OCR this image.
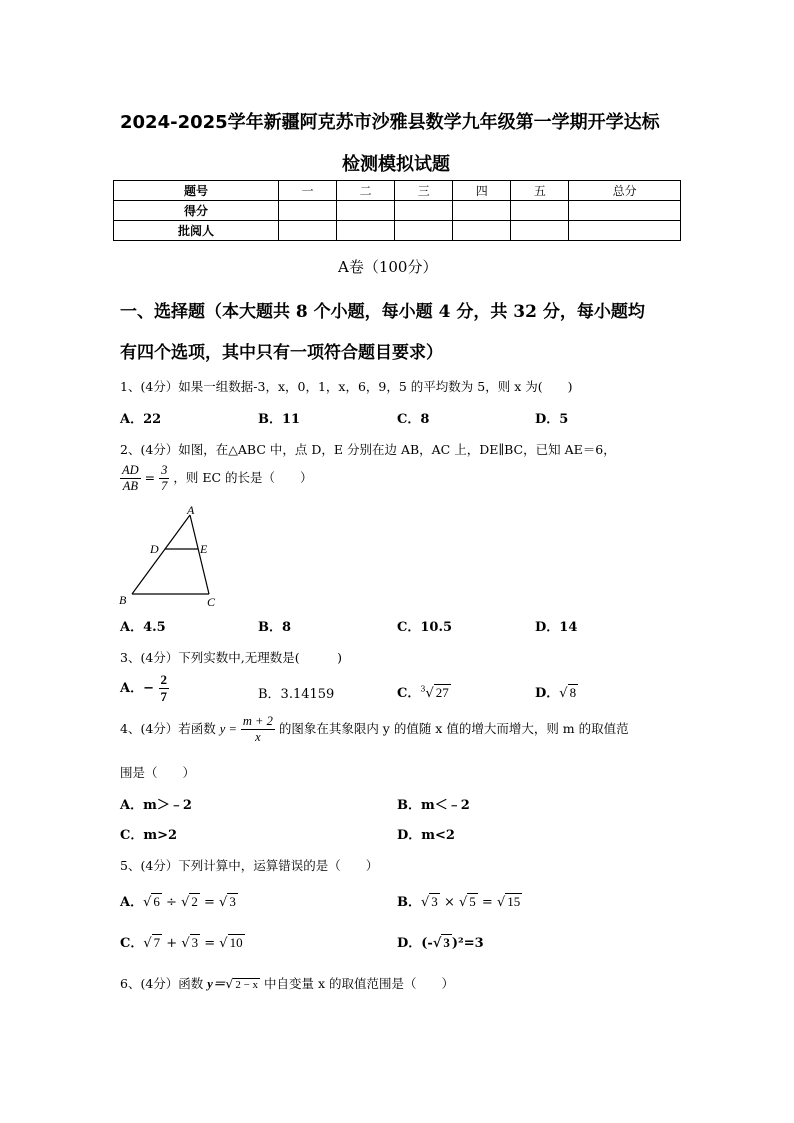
2024-2025学年新疆阿克苏市沙雅县数学九年级第一学期开学达标
检测模拟试题
题号	一	二	三	四	五	总分
得分						
批阅人						
A卷（100分）
一、选择题（本大题共 8 个小题，每小题 4 分，共 32 分，每小题均
有四个选项，其中只有一项符合题目要求）
1、(4分）如果一组数据-3，x，0，1，x，6，9，5 的平均数为 5，则 x 为(　　)
A．22	B．11	C．8	D．5
2、(4分）如图，在△ABC 中，点 D，E 分别在边 AB，AC 上，DE∥BC，已知 AE＝6，
$\frac{AD}{AB} = \frac{3}{7}$ ，则 EC 的长是（　　）
A
D	E
B	C
A．4.5	B．8	C．10.5	D．14
3、(4分）下列实数中,无理数是(　　　)
A．− $\frac{2}{7}$	B．3.14159	C．$^3$√ 27	D．√ 8
4、(4分）若函数 $y = \frac{m + 2}{x}$ 的图象在其象限内 y 的值随 x 值的增大而增大，则 m 的取值范
围是（　　）
A．m＞﹣2	B．m＜﹣2
C．m>2	D．m<2
5、(4分）下列计算中，运算错误的是（　　）
A．√ 6 ÷ √ 2 = √ 3	B．√ 3 × √ 5 = √ 15
C．√ 7 + √ 3 = √ 10	D．(-√ 3 )²=3
6、(4分）函数 y＝√ 2 − x 中自变量 x 的取值范围是（　　）
